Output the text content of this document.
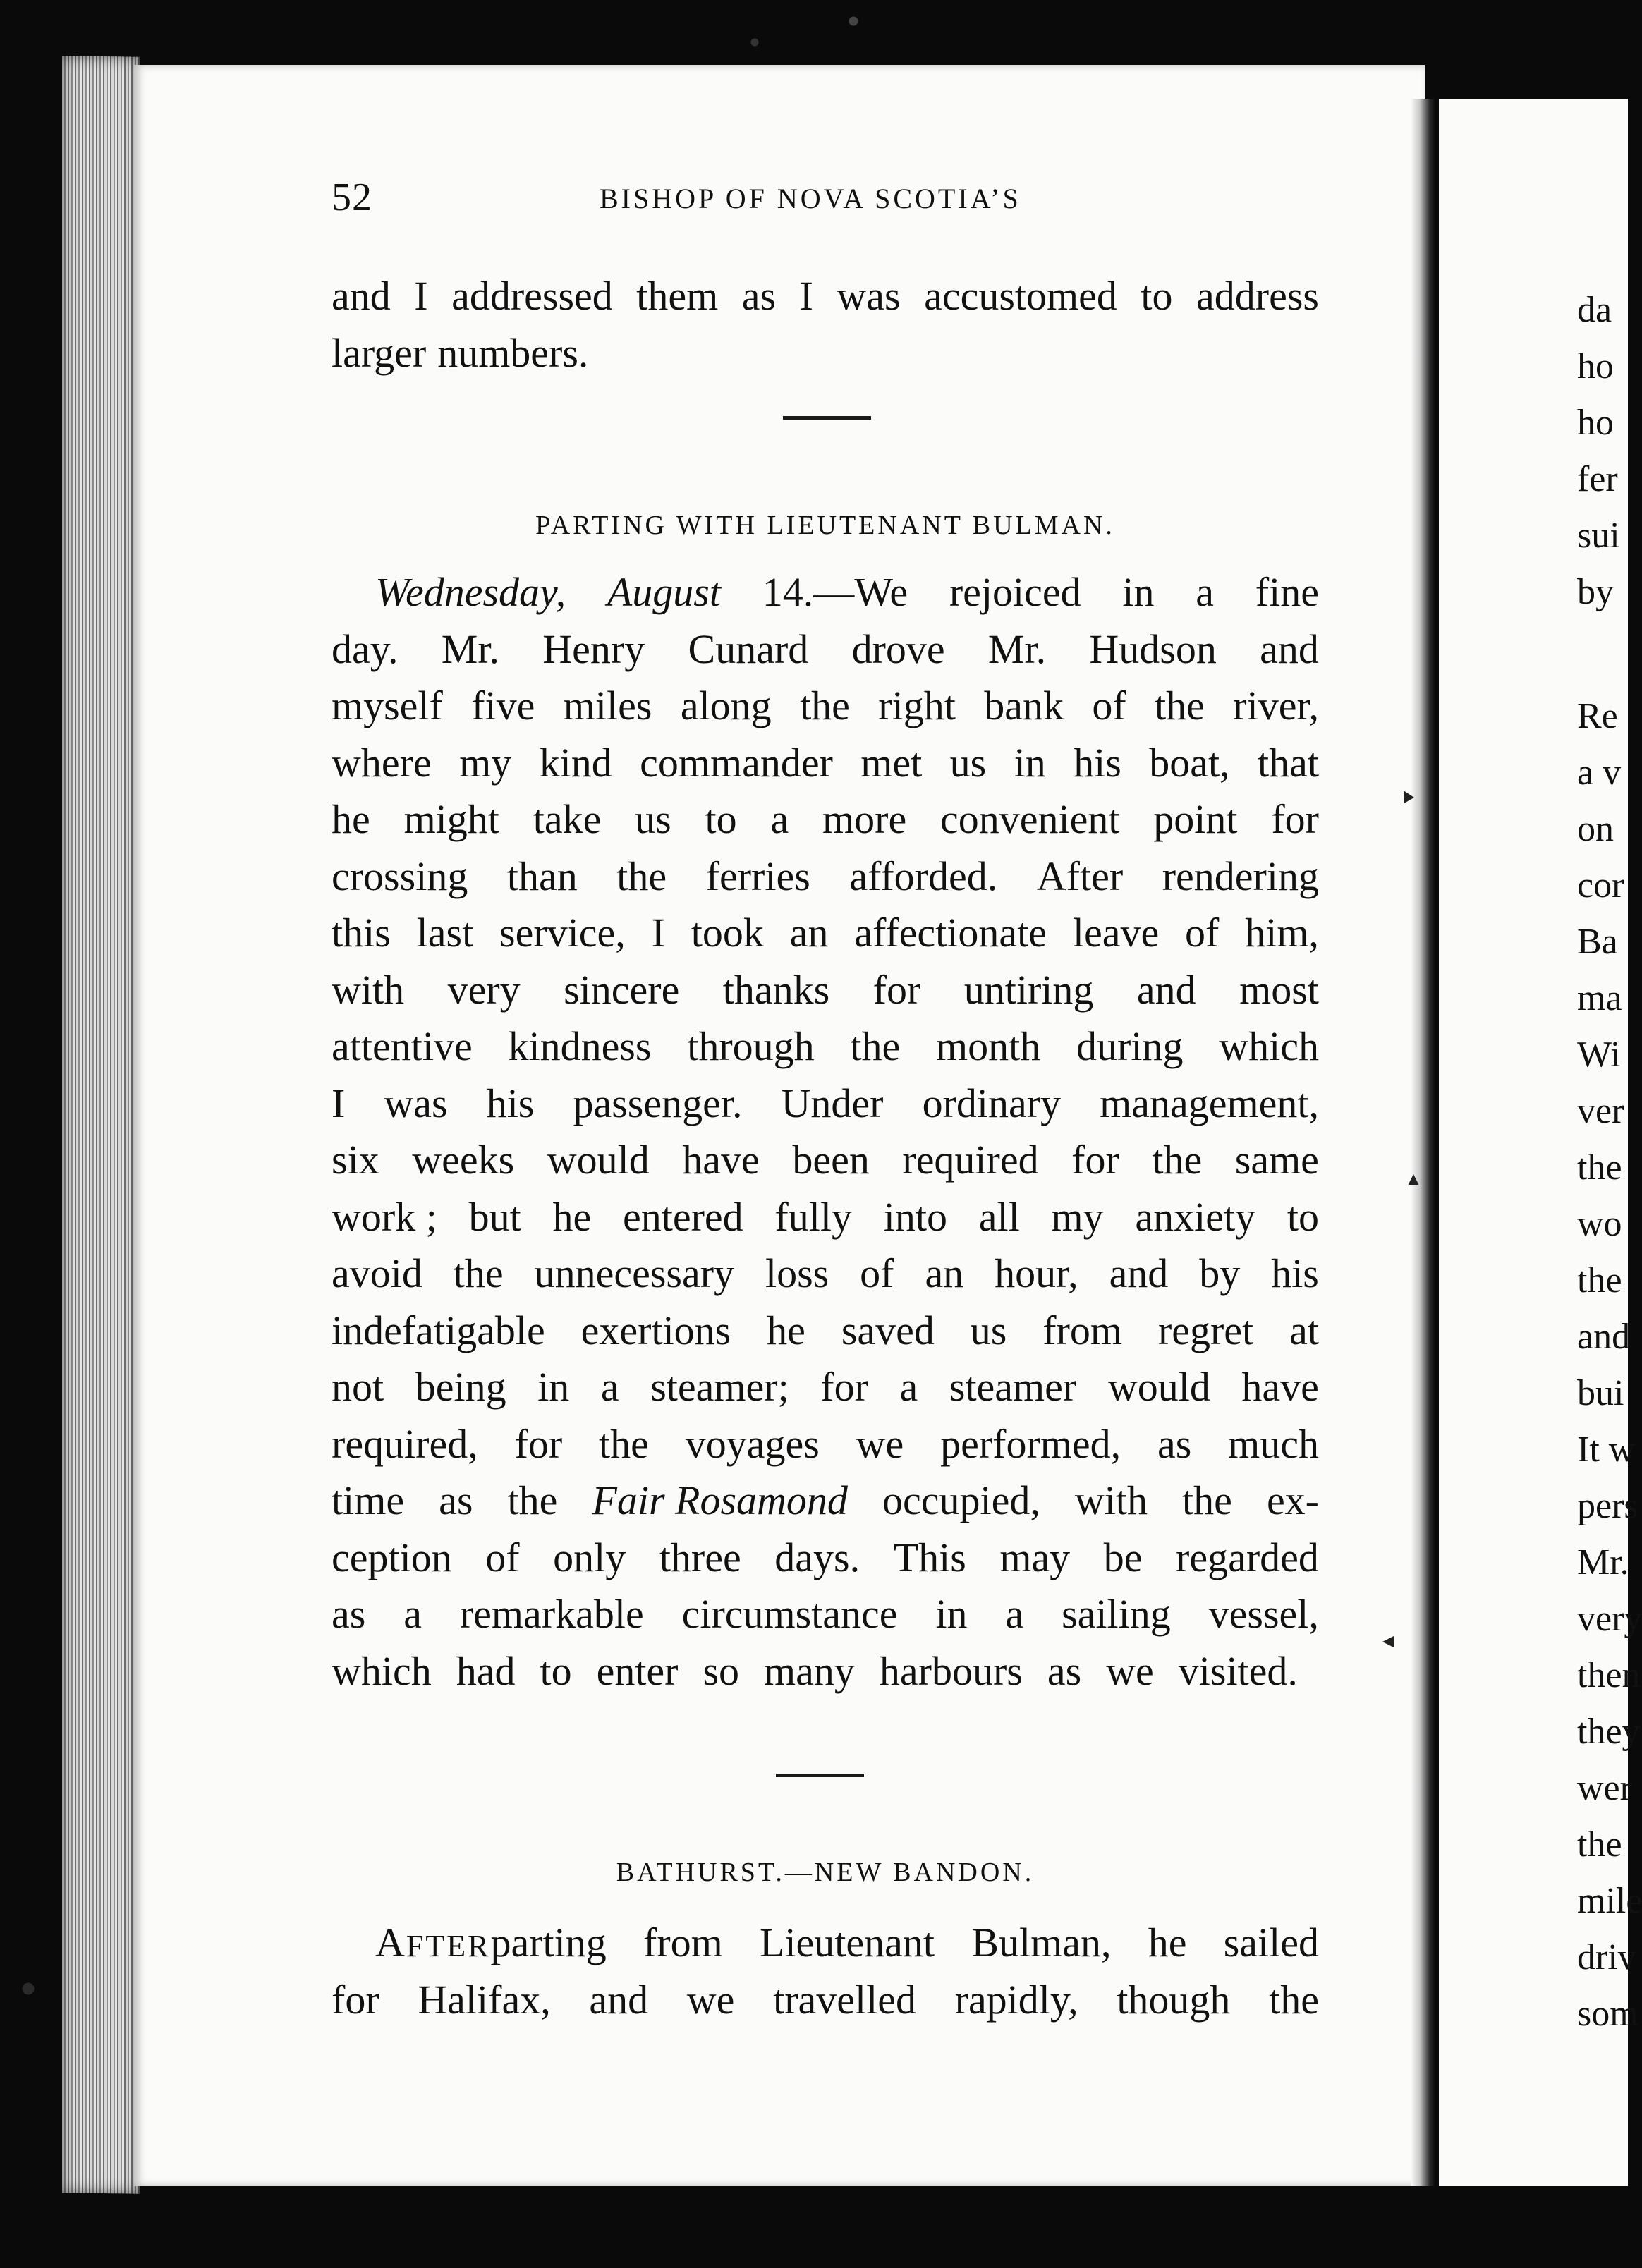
52	BISHOP OF NOVA SCOTIA’S
and I addressed them as I was accustomed to address
larger numbers.
PARTING WITH LIEUTENANT BULMAN.
Wednesday, August 14.—We rejoiced in a fine
day. Mr. Henry Cunard drove Mr. Hudson and
myself five miles along the right bank of the river,
where my kind commander met us in his boat, that
he might take us to a more convenient point for
crossing than the ferries afforded. After rendering
this last service, I took an affectionate leave of him,
with very sincere thanks for untiring and most
attentive kindness through the month during which
I was his passenger. Under ordinary management,
six weeks would have been required for the same
work ; but he entered fully into all my anxiety to
avoid the unnecessary loss of an hour, and by his
indefatigable exertions he saved us from regret at
not being in a steamer; for a steamer would have
required, for the voyages we performed, as much
time as the Fair Rosamond occupied, with the ex-
ception of only three days. This may be regarded
as a remarkable circumstance in a sailing vessel,
which had to enter so many harbours as we visited.
BATHURST.—NEW BANDON.
AFTERparting from Lieutenant Bulman, he sailed
for Halifax, and we travelled rapidly, though the
da
ho
ho
fer
sui
by
Re
a v
on
cor
Ba
ma
Wi
ver
the
wo
the
and
bui
It w
pers
Mr.
very
then
they
wer
the
mile
driv
som
